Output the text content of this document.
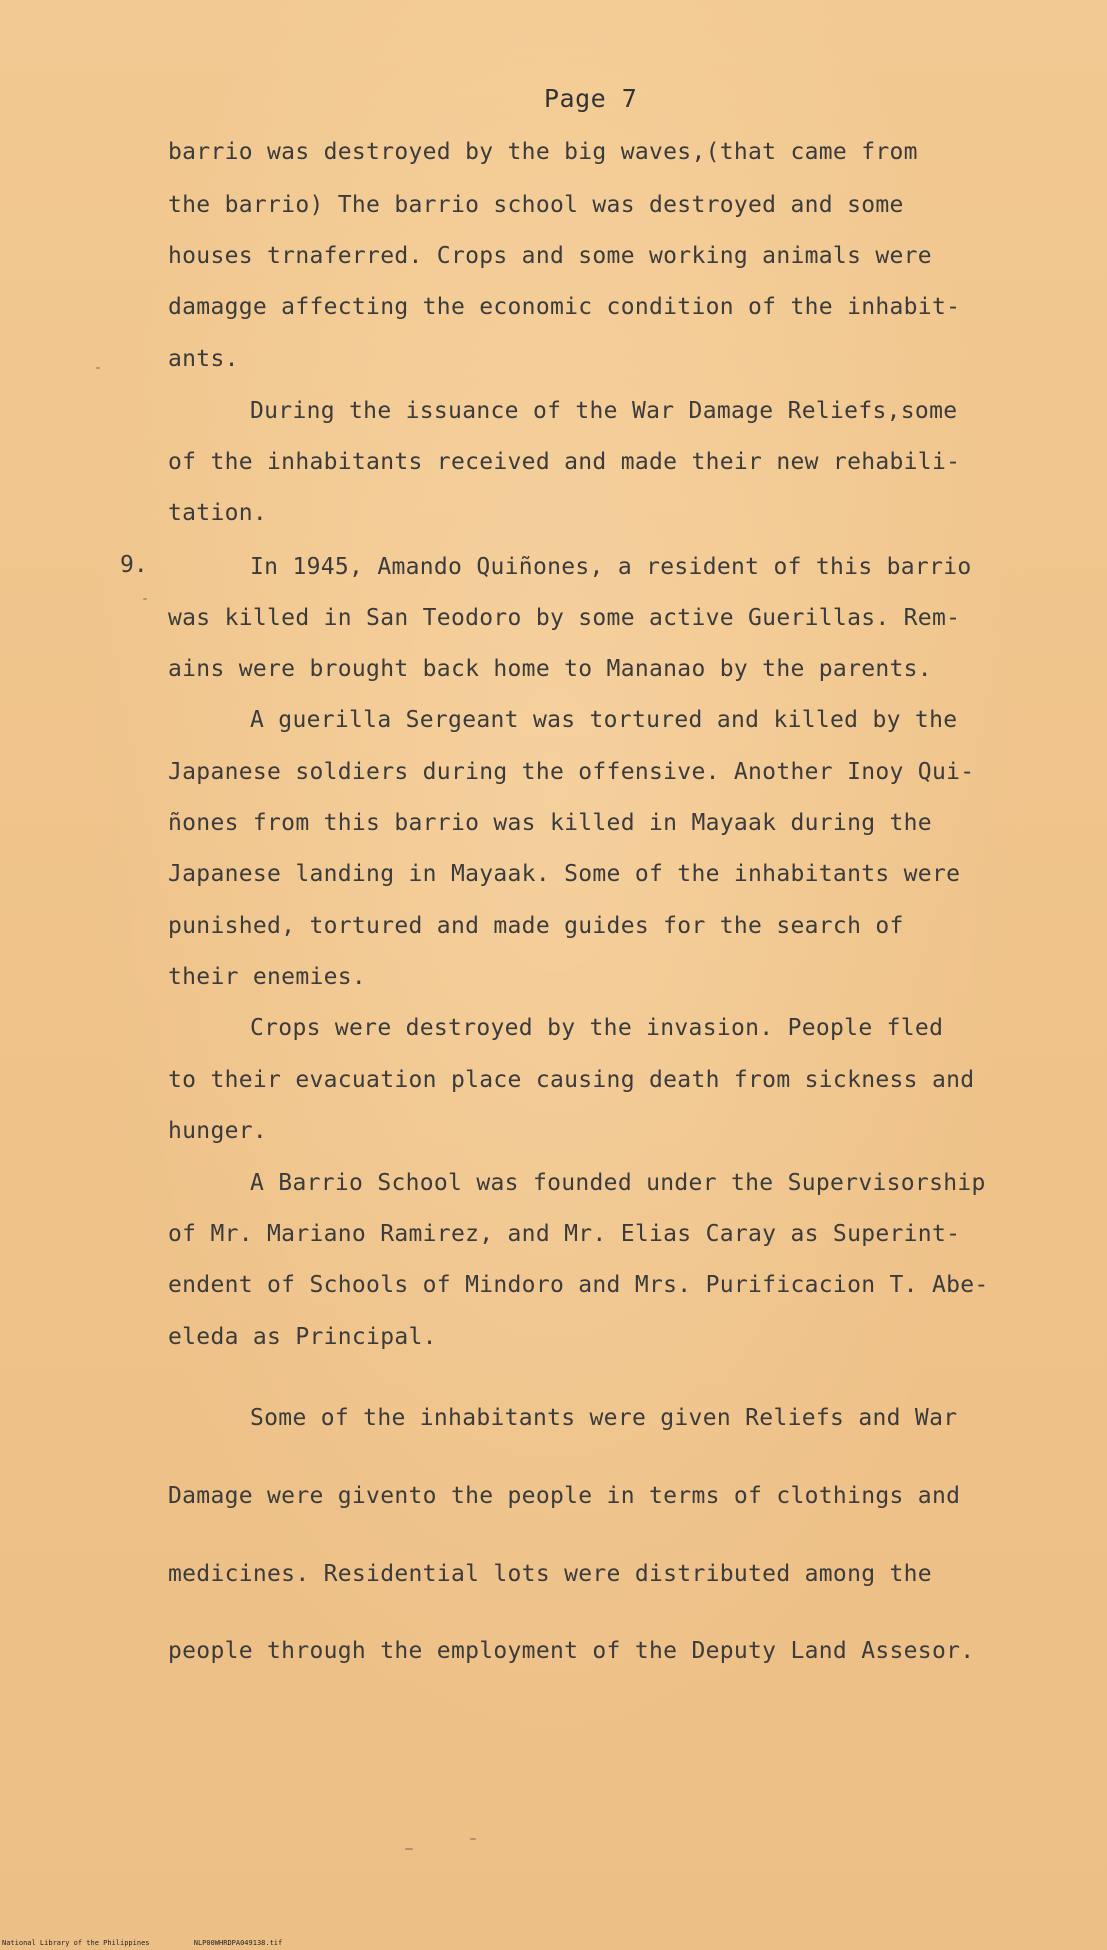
Page 7
barrio was destroyed by the big waves,(that came from
the barrio) The barrio school was destroyed and some
houses trnaferred. Crops and some working animals were
damagge affecting the economic condition of the inhabit-
ants.
During the issuance of the War Damage Reliefs,some
of the inhabitants received and made their new rehabili-
tation.
9.	In 1945, Amando Quiñones, a resident of this barrio
was killed in San Teodoro by some active Guerillas. Rem-
ains were brought back home to Mananao by the parents.
A guerilla Sergeant was tortured and killed by the
Japanese soldiers during the offensive. Another Inoy Qui-
ñones from this barrio was killed in Mayaak during the
Japanese landing in Mayaak. Some of the inhabitants were
punished, tortured and made guides for the search of
their enemies.
Crops were destroyed by the invasion. People fled
to their evacuation place causing death from sickness and
hunger.
A Barrio School was founded under the Supervisorship
of Mr. Mariano Ramirez, and Mr. Elias Caray as Superint-
endent of Schools of Mindoro and Mrs. Purificacion T. Abe-
eleda as Principal.
Some of the inhabitants were given Reliefs and War
Damage were givento the people in terms of clothings and
medicines. Residential lots were distributed among the
people through the employment of the Deputy Land Assesor.
National Library of the Philippines	NLP00WHRDPA049138.tif
